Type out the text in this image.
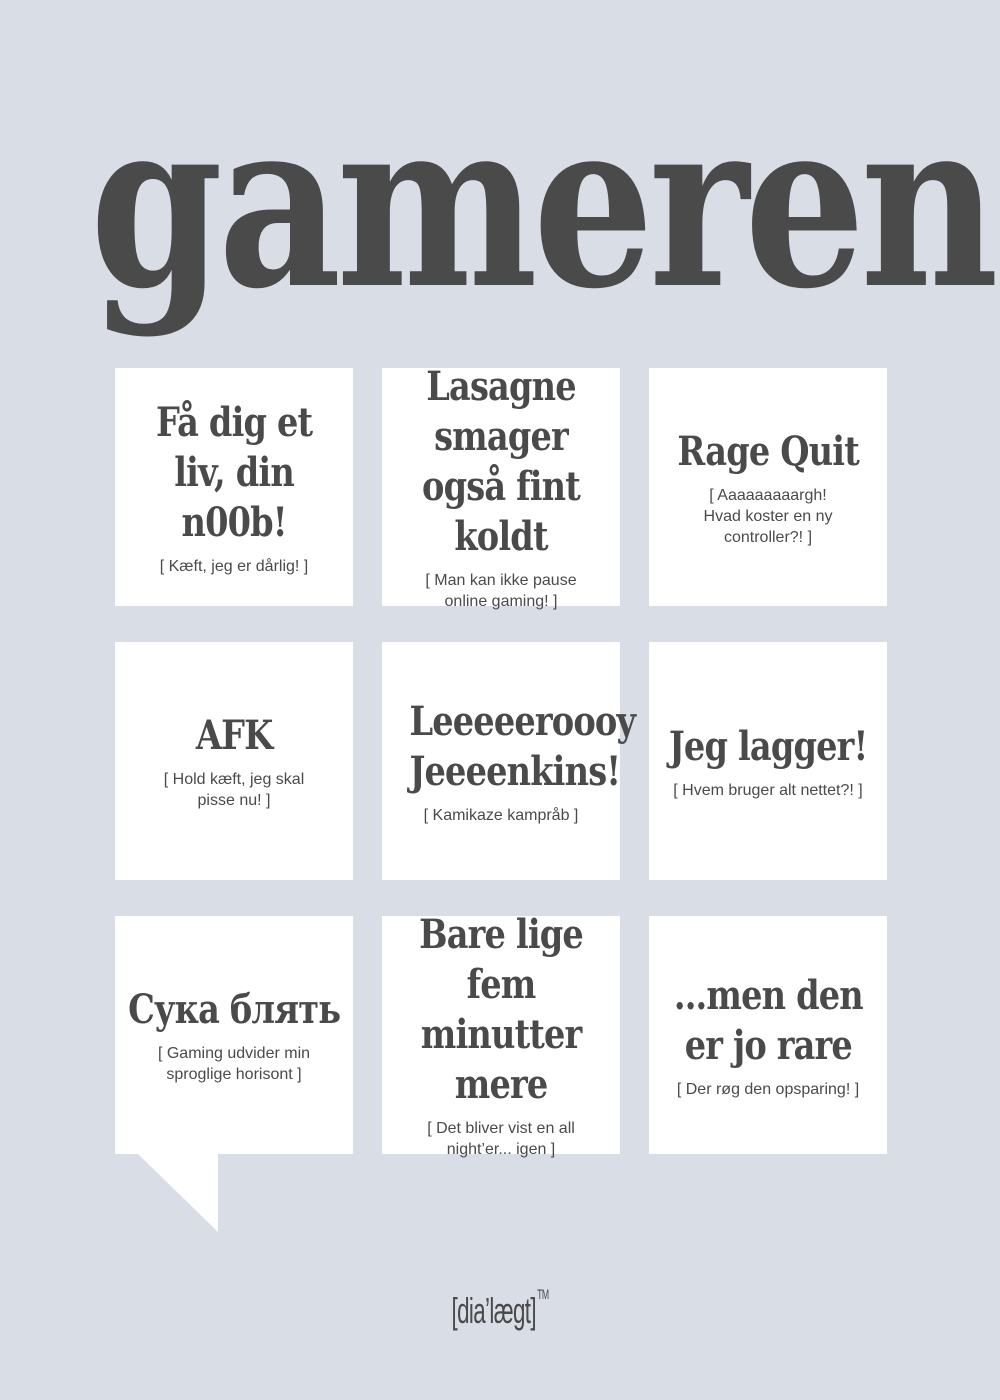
gameren
Få dig et liv, din n00b!
[ Kæft, jeg er dårlig! ]
Lasagne smager også fint koldt
[ Man kan ikke pause online gaming! ]
Rage Quit
[ Aaaaaaaaargh! Hvad koster en ny controller?! ]
AFK
[ Hold kæft, jeg skal pisse nu! ]
Leeeeeroooy Jeeeenkins!
[ Kamikaze kampråb ]
Jeg lagger!
[ Hvem bruger alt nettet?! ]
Сука блять
[ Gaming udvider min sproglige horisont ]
Bare lige fem minutter mere
[ Det bliver vist en all night’er... igen ]
...men den er jo rare
[ Der røg den opsparing! ]
[dia’lægt]™
